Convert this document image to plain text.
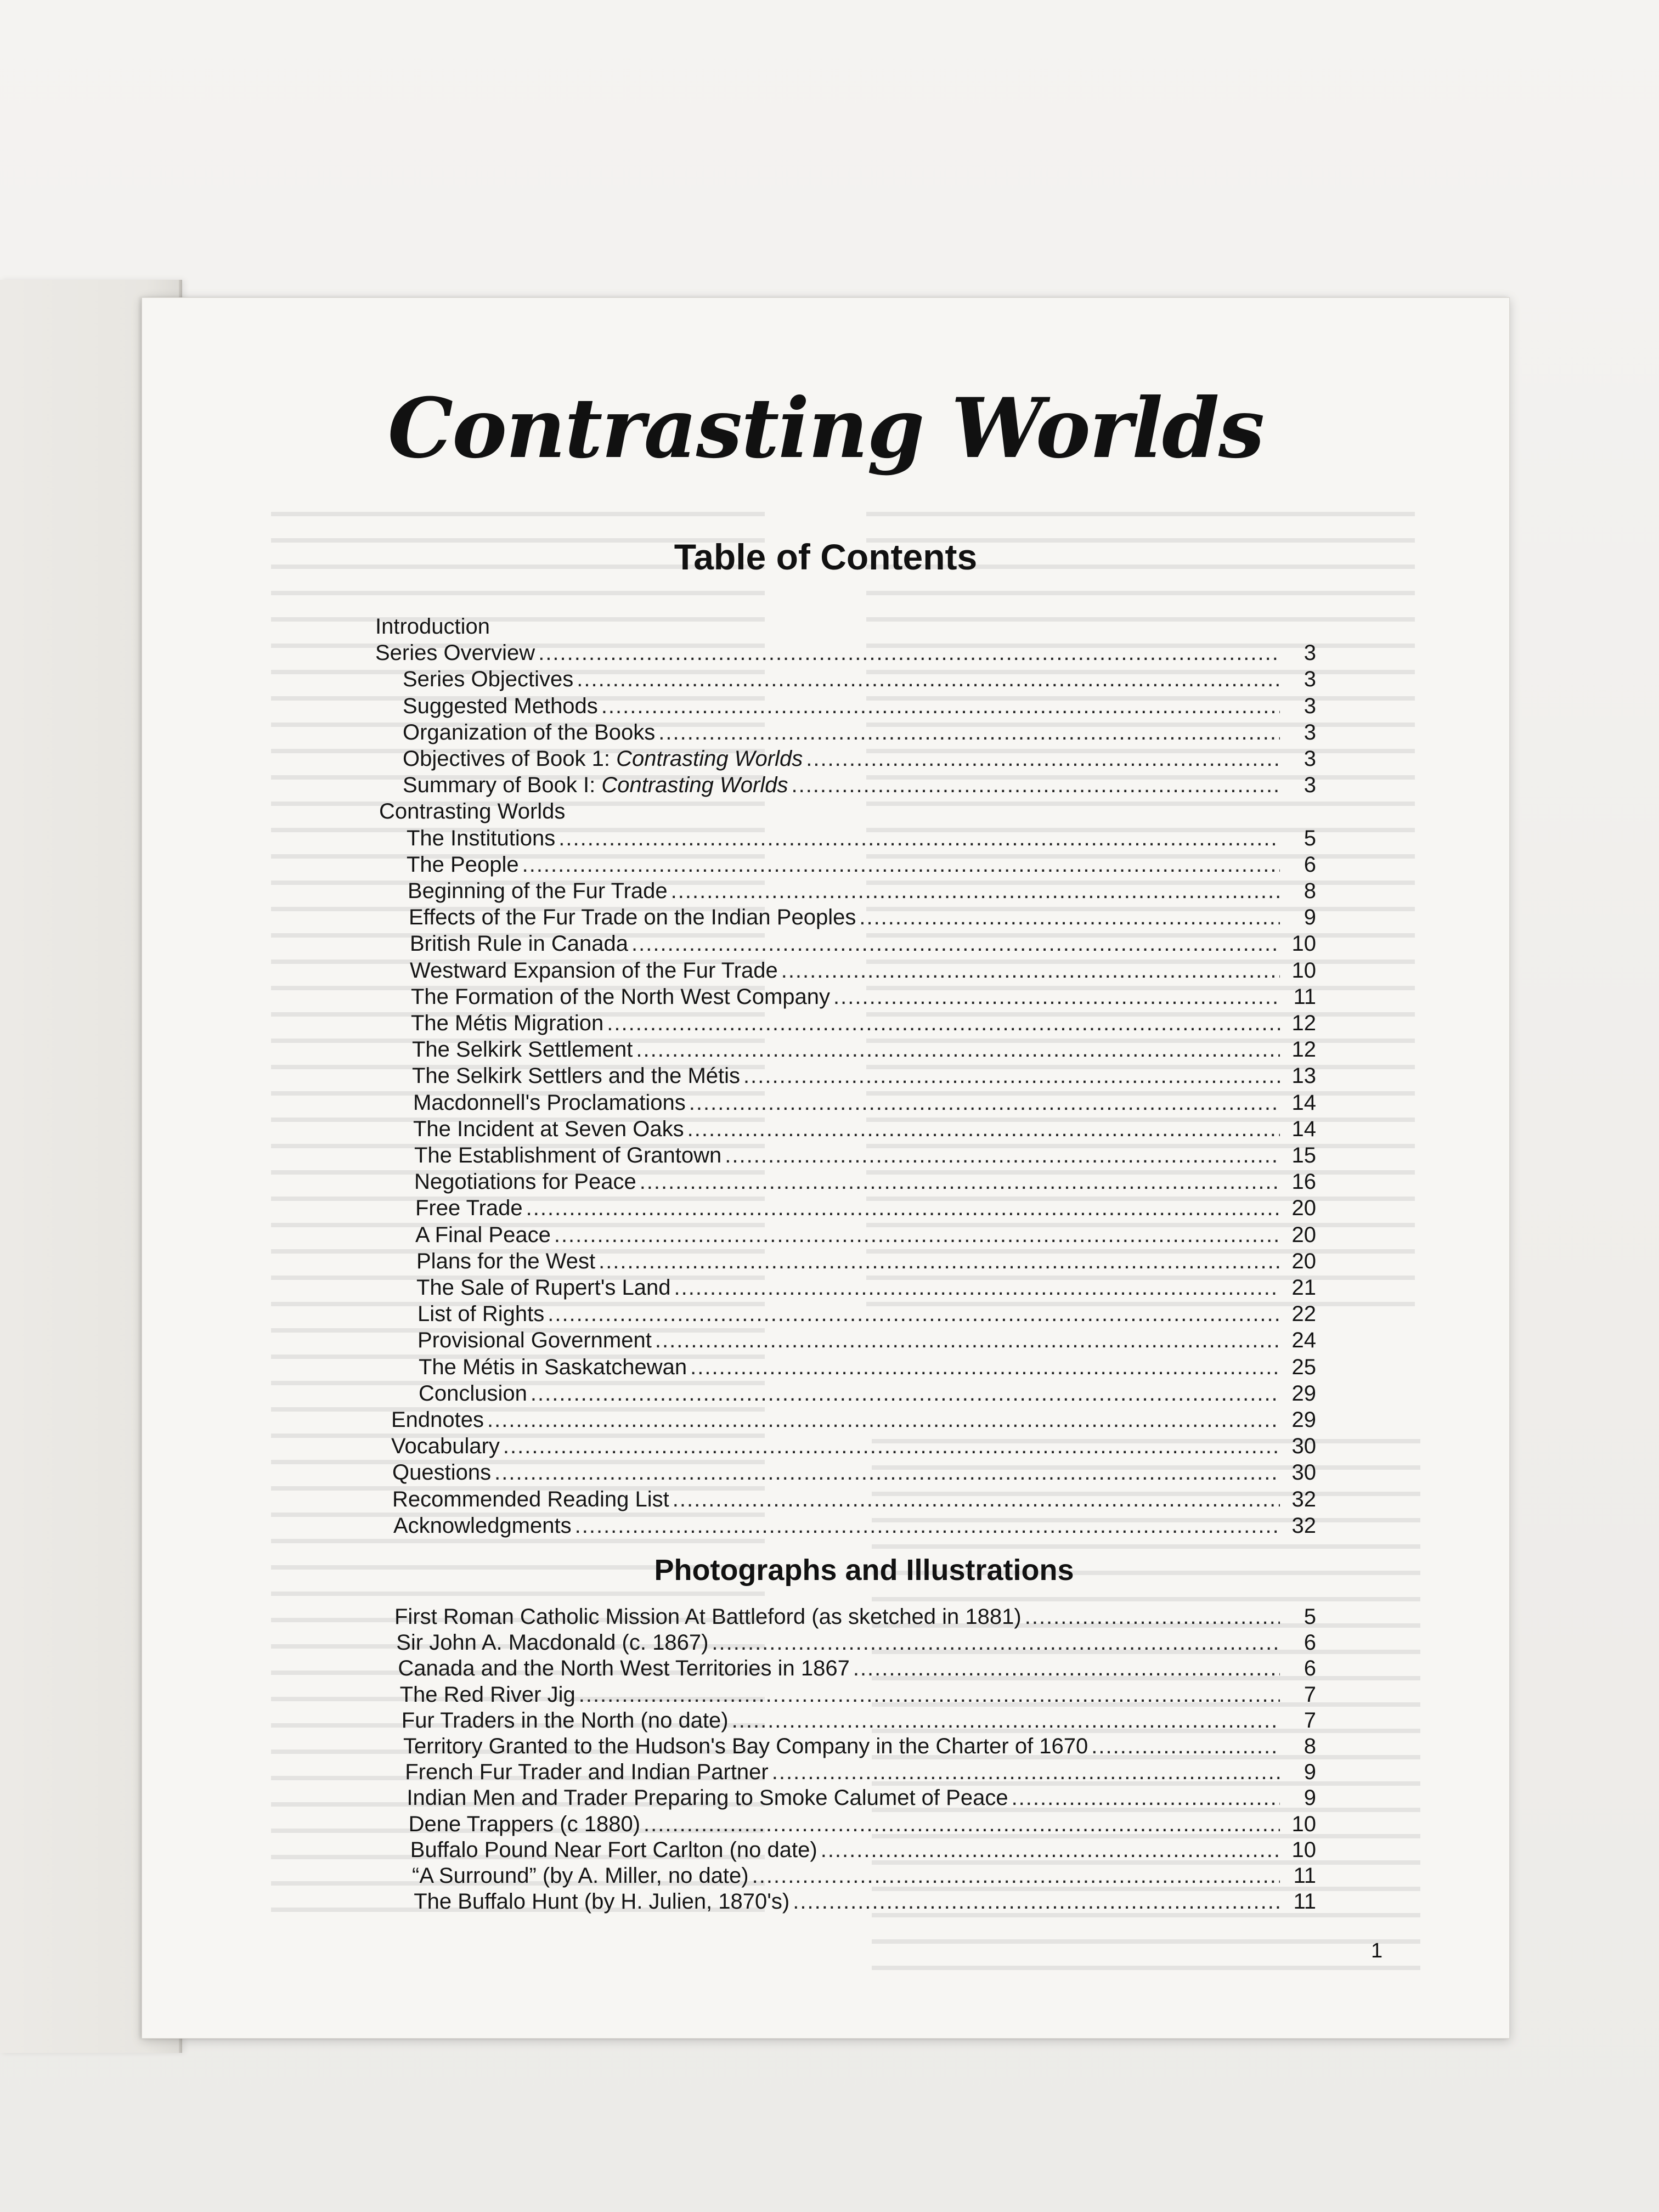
Contrasting Worlds
Table of Contents
Introduction
Series Overview .....	3
Series Objectives .....	3
Suggested Methods .....	3
Organization of the Books .....	3
Objectives of Book 1: Contrasting Worlds .....	3
Summary of Book I: Contrasting Worlds .....	3
Contrasting Worlds
The Institutions .....	5
The People .....	6
Beginning of the Fur Trade .....	8
Effects of the Fur Trade on the Indian Peoples .....	9
British Rule in Canada .....	10
Westward Expansion of the Fur Trade .....	10
The Formation of the North West Company .....	11
The Métis Migration .....	12
The Selkirk Settlement .....	12
The Selkirk Settlers and the Métis .....	13
Macdonnell's Proclamations .....	14
The Incident at Seven Oaks .....	14
The Establishment of Grantown .....	15
Negotiations for Peace .....	16
Free Trade .....	20
A Final Peace .....	20
Plans for the West .....	20
The Sale of Rupert's Land .....	21
List of Rights .....	22
Provisional Government .....	24
The Métis in Saskatchewan .....	25
Conclusion .....	29
Endnotes .....	29
Vocabulary .....	30
Questions .....	30
Recommended Reading List .....	32
Acknowledgments .....	32
Photographs and Illustrations
First Roman Catholic Mission At Battleford (as sketched in 1881) .....	5
Sir John A. Macdonald (c. 1867) .....	6
Canada and the North West Territories in 1867 .....	6
The Red River Jig .....	7
Fur Traders in the North (no date) .....	7
Territory Granted to the Hudson's Bay Company in the Charter of 1670 .....	8
French Fur Trader and Indian Partner .....	9
Indian Men and Trader Preparing to Smoke Calumet of Peace .....	9
Dene Trappers (c 1880) .....	10
Buffalo Pound Near Fort Carlton (no date) .....	10
“A Surround” (by A. Miller, no date) .....	11
The Buffalo Hunt (by H. Julien, 1870's) .....	11
1
